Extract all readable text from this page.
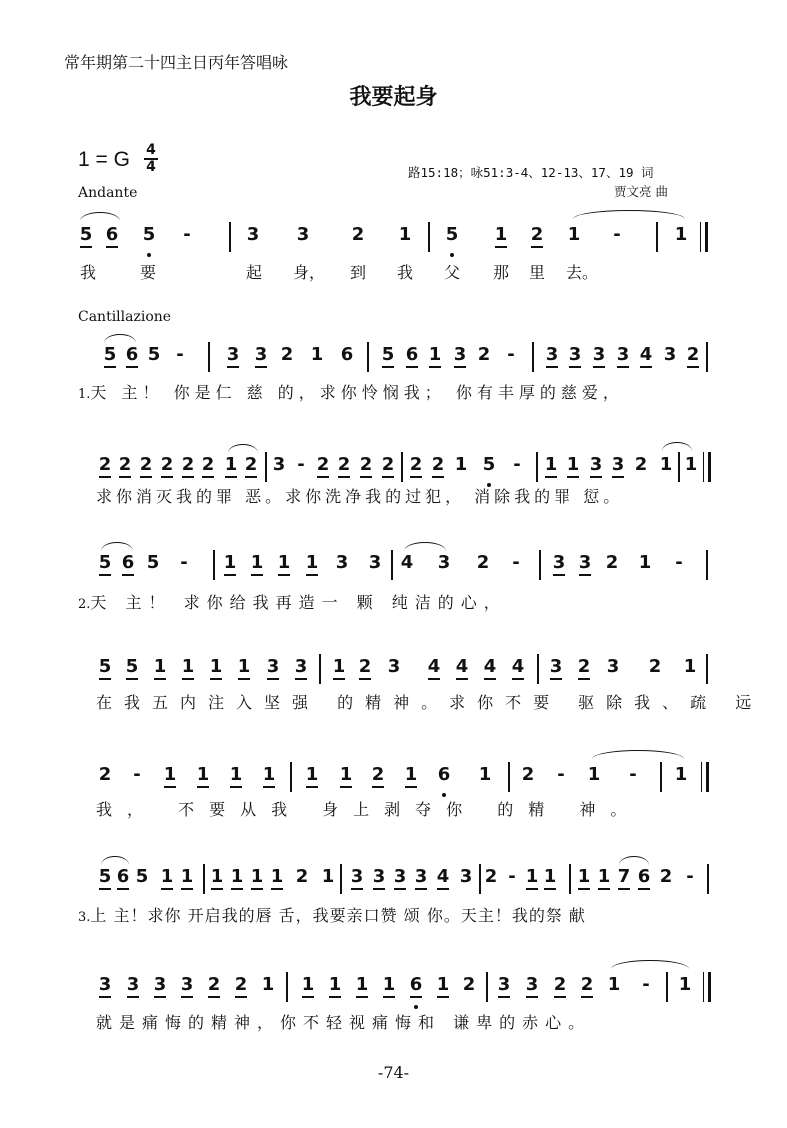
常年期第二十四主日丙年答唱咏
我要起身
1 = G 4
4
Andante
路15:18；咏51:3-4、12-13、17、19 词
贾文亮 曲
5 6 5 -	3 3 2 1 5 1 2 1 -	1
我	要	起 身， 到 我 父 那 里 去。
Cantillazione
5 6 5 - 3 3 2 1 6 5 6 1 3 2 - 3 3 3 3 4 3 2
1.天 主！ 你是仁 慈 的，求你怜悯我； 你有丰厚的慈爱，
2 2 2 2 2 2 1 2 3 - 2 2 2 2 2 2 1 5 - 1 1 3 3 2 1 1
求你消灭我的罪 恶。求你洗净我的过犯， 消除我的罪 愆。
5 6 5 - 1 1 1 1 3 3 4 3 2 - 3 3 2 1 -
2.天 主！ 求你给我再造一 颗 纯洁的心，
5 5 1 1 1 1 3 3 1 2 3 4 4 4 4 3 2 3 2 1
在我五内注入坚强 的精神。求你不要 驱除我、疏 远
2 - 1 1 1 1 1 1 2 1 6 1 2 - 1 - 1
我， 不要从我 身上剥夺你 的精 神。
5 6 5 1 1 1 1 1 1 2 1 3 3 3 3 4 3 2 - 1 1 1 1 7 6 2 -
3.上 主！求你 开启我的唇 舌，我要亲口赞 颂 你。天主！我的祭 献
3 3 3 3 2 2 1 1 1 1 1 6 1 2 3 3 2 2 1 - 1
就是痛悔的精神，你不轻视痛悔和 谦卑的赤心。
-74-
